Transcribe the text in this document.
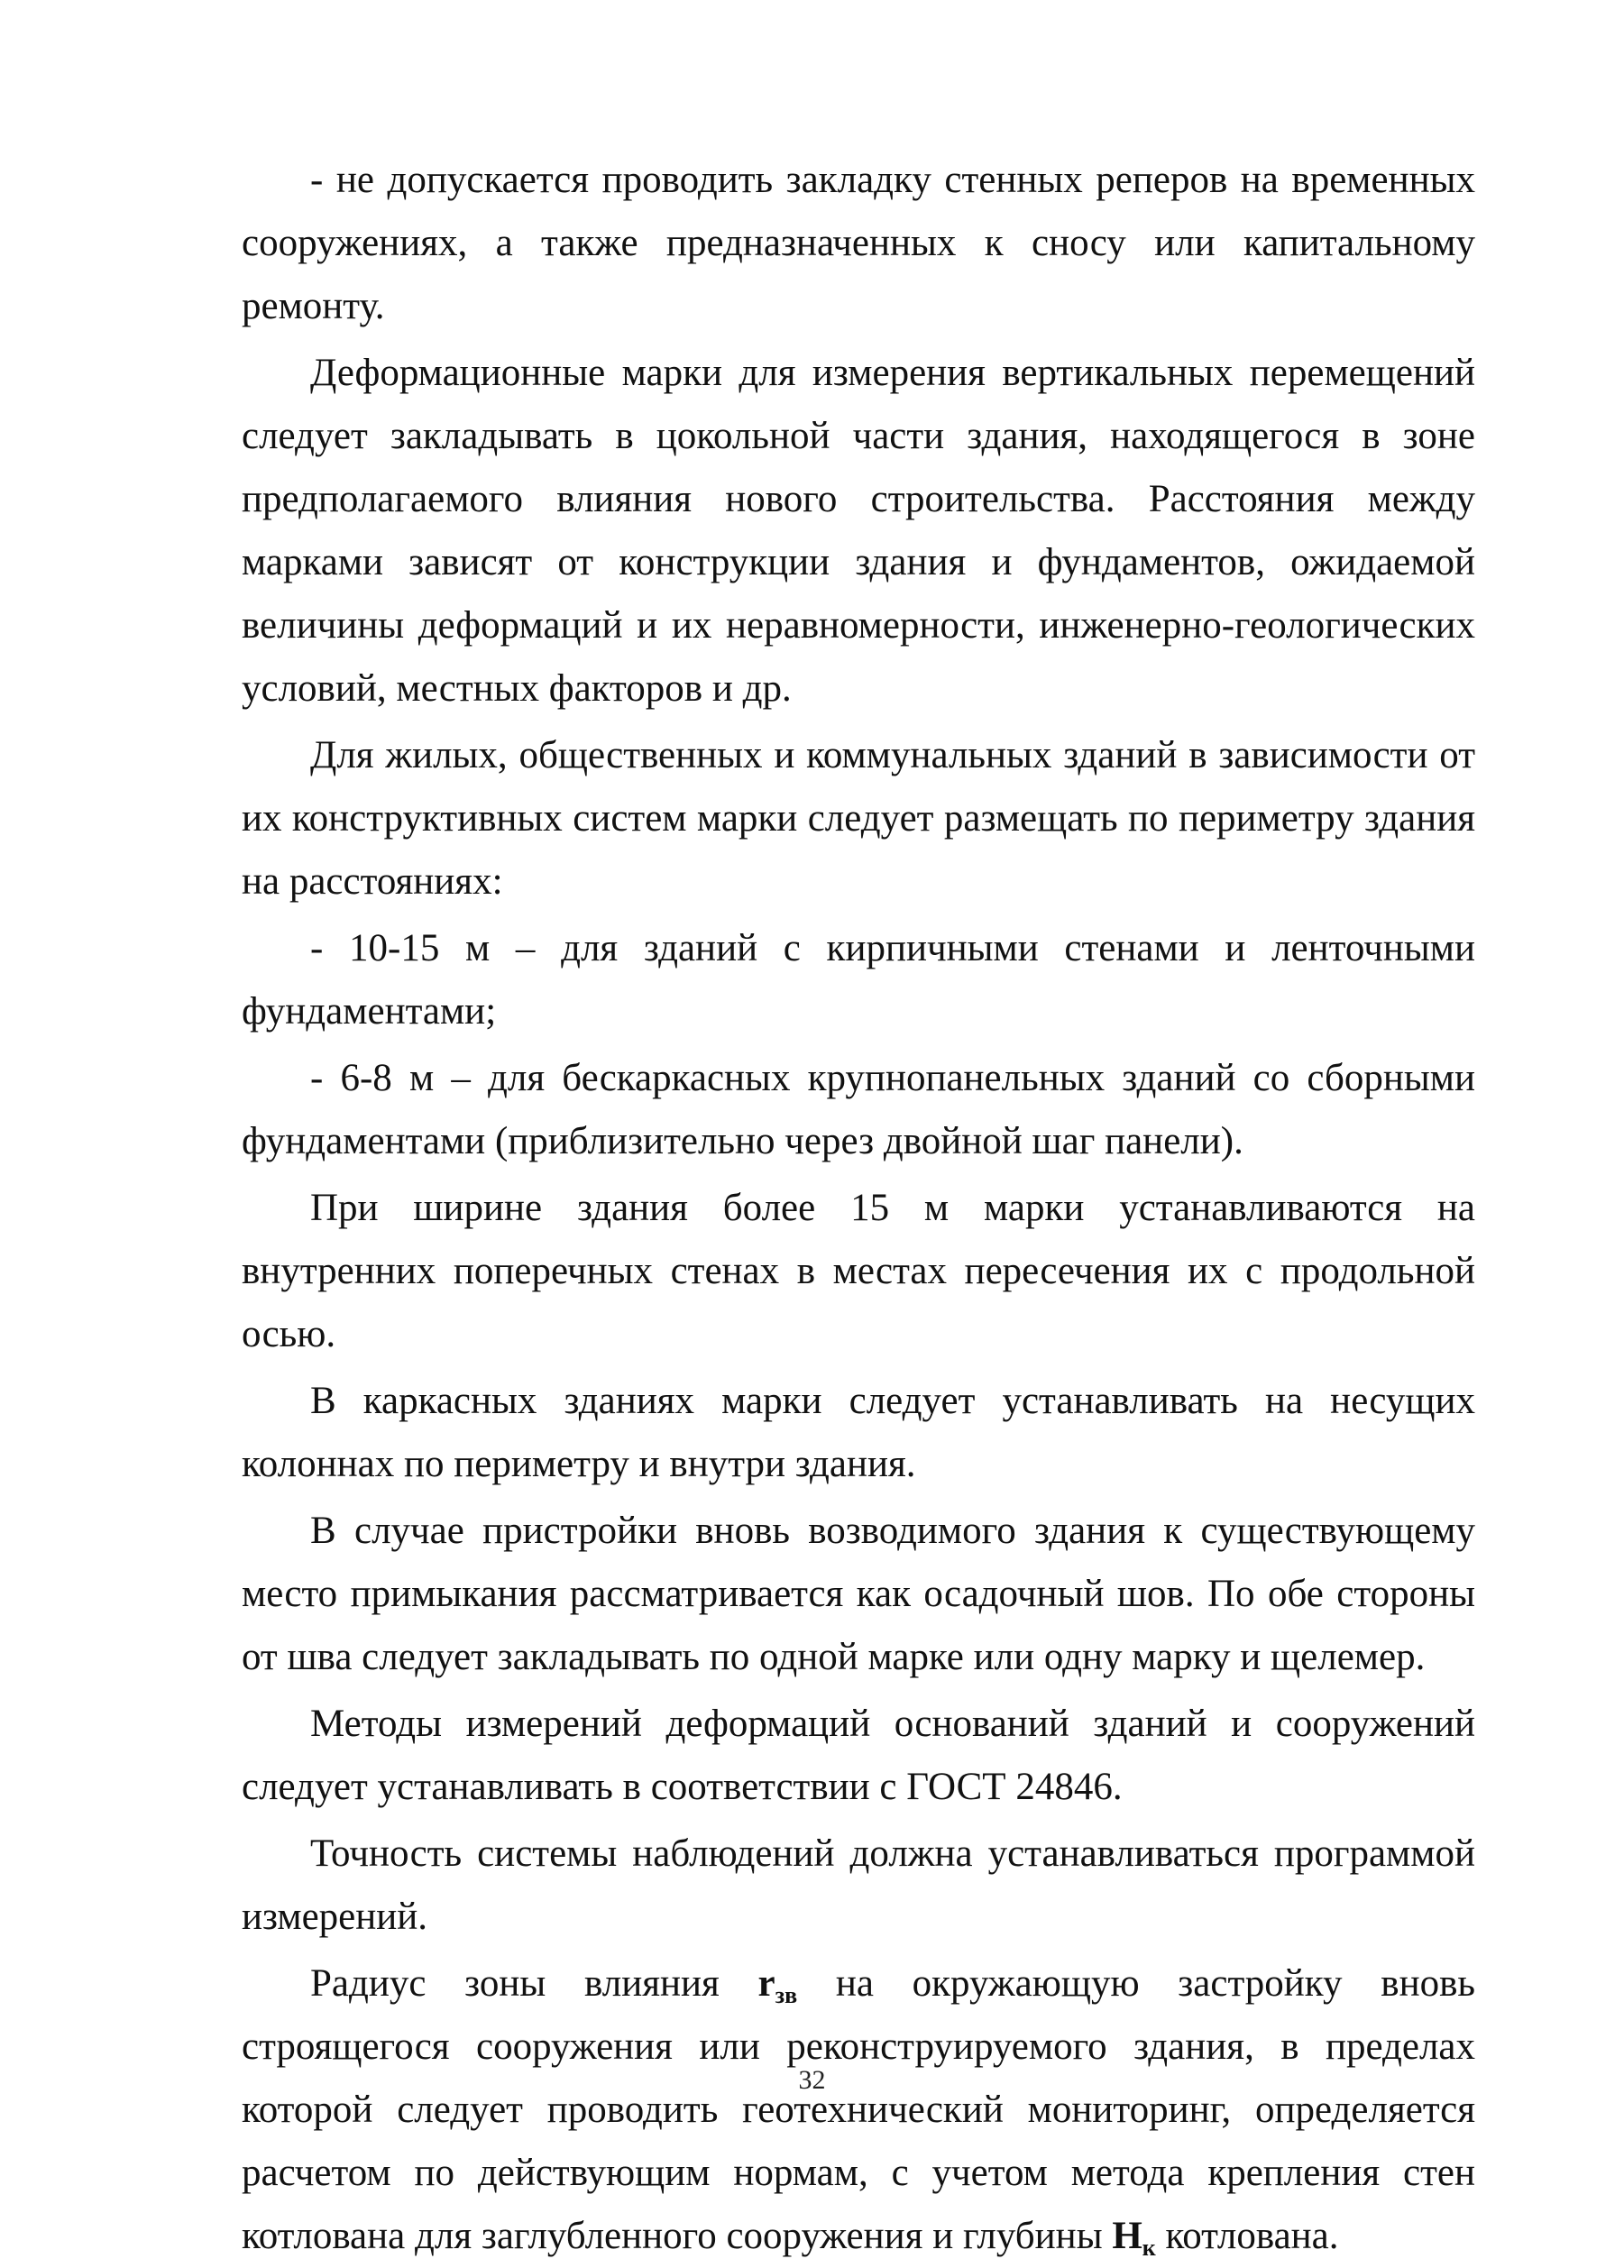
- не допускается проводить закладку стенных реперов на временных сооружениях, а также предназначенных к сносу или капитальному ремонту.

Деформационные марки для измерения вертикальных перемещений следует закладывать в цокольной части здания, находящегося в зоне предполагаемого влияния нового строительства. Расстояния между марками зависят от конструкции здания и фундаментов, ожидаемой величины деформаций и их неравномерности, инженерно-геологических условий, местных факторов и др.

Для жилых, общественных и коммунальных зданий в зависимости от их конструктивных систем марки следует размещать по периметру здания на расстояниях:

- 10-15 м – для зданий с кирпичными стенами и ленточными фундаментами;

- 6-8 м – для бескаркасных крупнопанельных зданий со сборными фундаментами (приблизительно через двойной шаг панели).

При ширине здания более 15 м марки устанавливаются на внутренних поперечных стенах в местах пересечения их с продольной осью.

В каркасных зданиях марки следует устанавливать на несущих колоннах по периметру и внутри здания.

В случае пристройки вновь возводимого здания к существующему место примыкания рассматривается как осадочный шов. По обе стороны от шва следует закладывать по одной марке или одну марку и щелемер.

Методы измерений деформаций оснований зданий и сооружений следует устанавливать в соответствии с ГОСТ 24846.

Точность системы наблюдений должна устанавливаться программой измерений.

Радиус зоны влияния $r_{зв}$ на окружающую застройку вновь строящегося сооружения или реконструируемого здания, в пределах которой следует проводить геотехнический мониторинг, определяется расчетом по действующим нормам, с учетом метода крепления стен котлована для заглубленного сооружения и глубины $H_к$ котлована.

32
